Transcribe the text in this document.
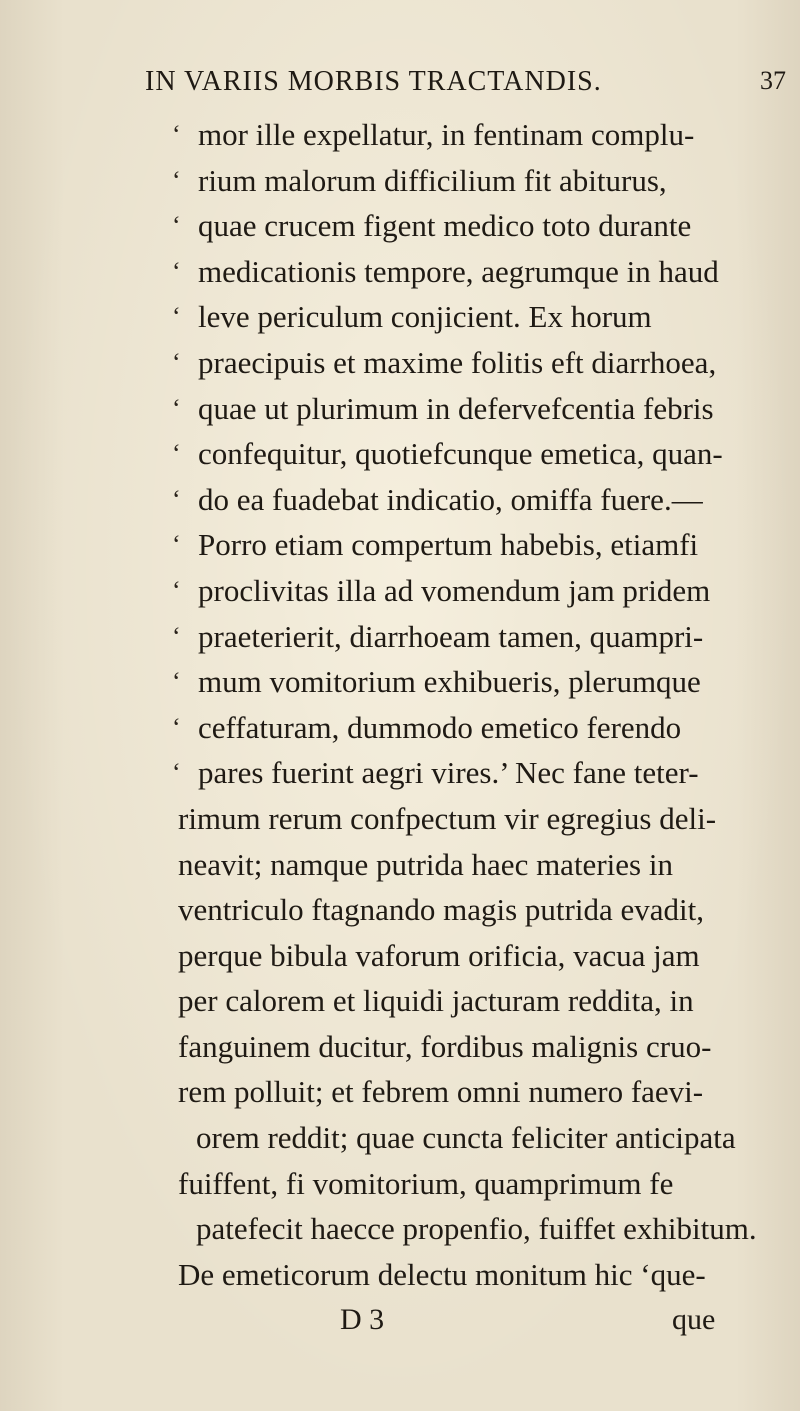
IN VARIIS MORBIS TRACTANDIS.	37
‘ mor ille expellatur, in fentinam complu-
‘ rium malorum difficilium fit abiturus,
‘ quae crucem figent medico toto durante
‘ medicationis tempore, aegrumque in haud
‘ leve periculum conjicient. Ex horum
‘ praecipuis et maxime folitis eft diarrhoea,
‘ quae ut plurimum in defervefcentia febris
‘ confequitur, quotiefcunque emetica, quan-
‘ do ea fuadebat indicatio, omiffa fuere.—
‘ Porro etiam compertum habebis, etiamfi
‘ proclivitas illa ad vomendum jam pridem
‘ praeterierit, diarrhoeam tamen, quampri-
‘ mum vomitorium exhibueris, plerumque
‘ ceffaturam, dummodo emetico ferendo
‘ pares fuerint aegri vires.’ Nec fane teter-
rimum rerum confpectum vir egregius deli-
neavit; namque putrida haec materies in
ventriculo ftagnando magis putrida evadit,
perque bibula vaforum orificia, vacua jam
per calorem et liquidi jacturam reddita, in
fanguinem ducitur, fordibus malignis cruo-
rem polluit; et febrem omni numero faevi-
orem reddit; quae cuncta feliciter anticipata
fuiffent, fi vomitorium, quamprimum fe
patefecit haecce propenfio, fuiffet exhibitum.
De emeticorum delectu monitum hic ‘que-
D 3	que
